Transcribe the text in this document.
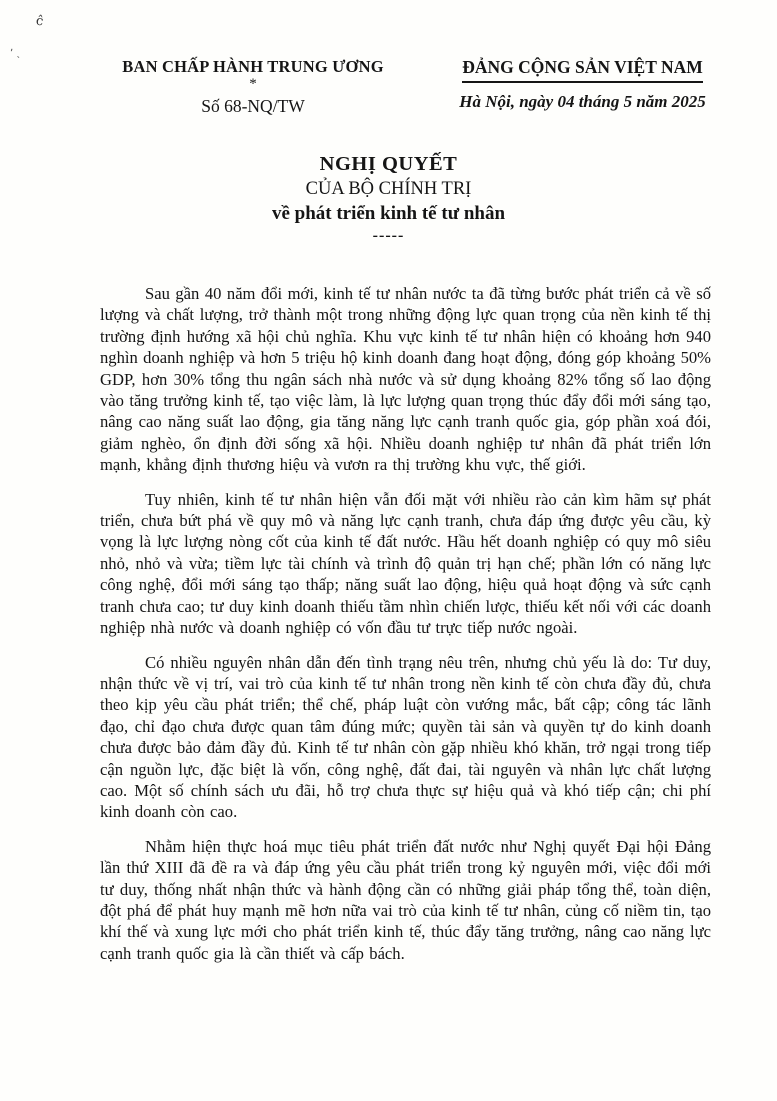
ĉ
ʼ ˎ
BAN CHẤP HÀNH TRUNG ƯƠNG
*
Số 68-NQ/TW
ĐẢNG CỘNG SẢN VIỆT NAM
Hà Nội, ngày 04 tháng 5 năm 2025
NGHỊ QUYẾT
CỦA BỘ CHÍNH TRỊ
về phát triển kinh tế tư nhân
-----

Sau gần 40 năm đổi mới, kinh tế tư nhân nước ta đã từng bước phát triển cả về số lượng và chất lượng, trở thành một trong những động lực quan trọng của nền kinh tế thị trường định hướng xã hội chủ nghĩa. Khu vực kinh tế tư nhân hiện có khoảng hơn 940 nghìn doanh nghiệp và hơn 5 triệu hộ kinh doanh đang hoạt động, đóng góp khoảng 50% GDP, hơn 30% tổng thu ngân sách nhà nước và sử dụng khoảng 82% tổng số lao động vào tăng trưởng kinh tế, tạo việc làm, là lực lượng quan trọng thúc đẩy đổi mới sáng tạo, nâng cao năng suất lao động, gia tăng năng lực cạnh tranh quốc gia, góp phần xoá đói, giảm nghèo, ổn định đời sống xã hội. Nhiều doanh nghiệp tư nhân đã phát triển lớn mạnh, khẳng định thương hiệu và vươn ra thị trường khu vực, thế giới.

Tuy nhiên, kinh tế tư nhân hiện vẫn đối mặt với nhiều rào cản kìm hãm sự phát triển, chưa bứt phá về quy mô và năng lực cạnh tranh, chưa đáp ứng được yêu cầu, kỳ vọng là lực lượng nòng cốt của kinh tế đất nước. Hầu hết doanh nghiệp có quy mô siêu nhỏ, nhỏ và vừa; tiềm lực tài chính và trình độ quản trị hạn chế; phần lớn có năng lực công nghệ, đổi mới sáng tạo thấp; năng suất lao động, hiệu quả hoạt động và sức cạnh tranh chưa cao; tư duy kinh doanh thiếu tầm nhìn chiến lược, thiếu kết nối với các doanh nghiệp nhà nước và doanh nghiệp có vốn đầu tư trực tiếp nước ngoài.

Có nhiều nguyên nhân dẫn đến tình trạng nêu trên, nhưng chủ yếu là do: Tư duy, nhận thức về vị trí, vai trò của kinh tế tư nhân trong nền kinh tế còn chưa đầy đủ, chưa theo kịp yêu cầu phát triển; thể chế, pháp luật còn vướng mắc, bất cập; công tác lãnh đạo, chỉ đạo chưa được quan tâm đúng mức; quyền tài sản và quyền tự do kinh doanh chưa được bảo đảm đầy đủ. Kinh tế tư nhân còn gặp nhiều khó khăn, trở ngại trong tiếp cận nguồn lực, đặc biệt là vốn, công nghệ, đất đai, tài nguyên và nhân lực chất lượng cao. Một số chính sách ưu đãi, hỗ trợ chưa thực sự hiệu quả và khó tiếp cận; chi phí kinh doanh còn cao.

Nhằm hiện thực hoá mục tiêu phát triển đất nước như Nghị quyết Đại hội Đảng lần thứ XIII đã đề ra và đáp ứng yêu cầu phát triển trong kỷ nguyên mới, việc đổi mới tư duy, thống nhất nhận thức và hành động cần có những giải pháp tổng thể, toàn diện, đột phá để phát huy mạnh mẽ hơn nữa vai trò của kinh tế tư nhân, củng cố niềm tin, tạo khí thế và xung lực mới cho phát triển kinh tế, thúc đẩy tăng trưởng, nâng cao năng lực cạnh tranh quốc gia là cần thiết và cấp bách.
